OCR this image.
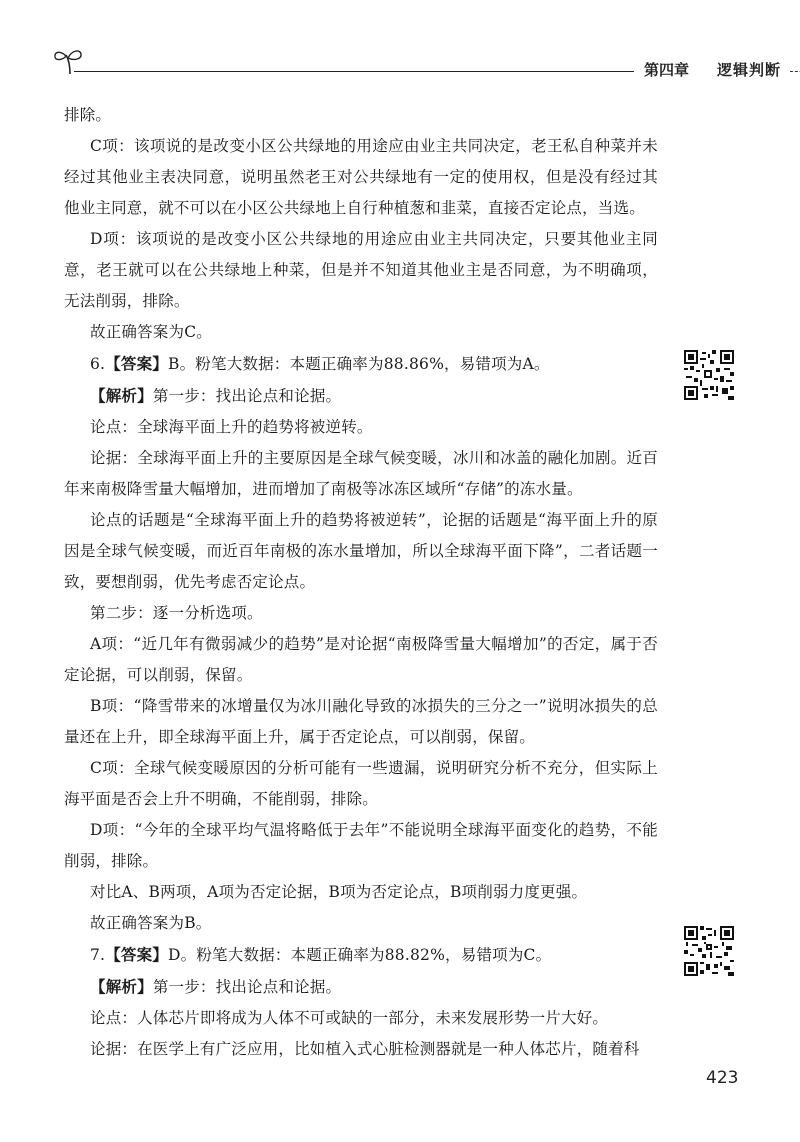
第四章 逻辑判断

排除。

C项：该项说的是改变小区公共绿地的用途应由业主共同决定，老王私自种菜并未经过其他业主表决同意，说明虽然老王对公共绿地有一定的使用权，但是没有经过其他业主同意，就不可以在小区公共绿地上自行种植葱和韭菜，直接否定论点，当选。

D项：该项说的是改变小区公共绿地的用途应由业主共同决定，只要其他业主同意，老王就可以在公共绿地上种菜，但是并不知道其他业主是否同意，为不明确项，无法削弱，排除。

故正确答案为C。

6.【答案】B。粉笔大数据：本题正确率为88.86%，易错项为A。

【解析】第一步：找出论点和论据。

论点：全球海平面上升的趋势将被逆转。

论据：全球海平面上升的主要原因是全球气候变暖，冰川和冰盖的融化加剧。近百年来南极降雪量大幅增加，进而增加了南极等冰冻区域所“存储”的冻水量。

论点的话题是“全球海平面上升的趋势将被逆转”，论据的话题是“海平面上升的原因是全球气候变暖，而近百年南极的冻水量增加，所以全球海平面下降”，二者话题一致，要想削弱，优先考虑否定论点。

第二步：逐一分析选项。

A项：“近几年有微弱减少的趋势”是对论据“南极降雪量大幅增加”的否定，属于否定论据，可以削弱，保留。

B项：“降雪带来的冰增量仅为冰川融化导致的冰损失的三分之一”说明冰损失的总量还在上升，即全球海平面上升，属于否定论点，可以削弱，保留。

C项：全球气候变暖原因的分析可能有一些遗漏，说明研究分析不充分，但实际上海平面是否会上升不明确，不能削弱，排除。

D项：“今年的全球平均气温将略低于去年”不能说明全球海平面变化的趋势，不能削弱，排除。

对比A、B两项，A项为否定论据，B项为否定论点，B项削弱力度更强。

故正确答案为B。

7.【答案】D。粉笔大数据：本题正确率为88.82%，易错项为C。

【解析】第一步：找出论点和论据。

论点：人体芯片即将成为人体不可或缺的一部分，未来发展形势一片大好。

论据：在医学上有广泛应用，比如植入式心脏检测器就是一种人体芯片，随着科

423
